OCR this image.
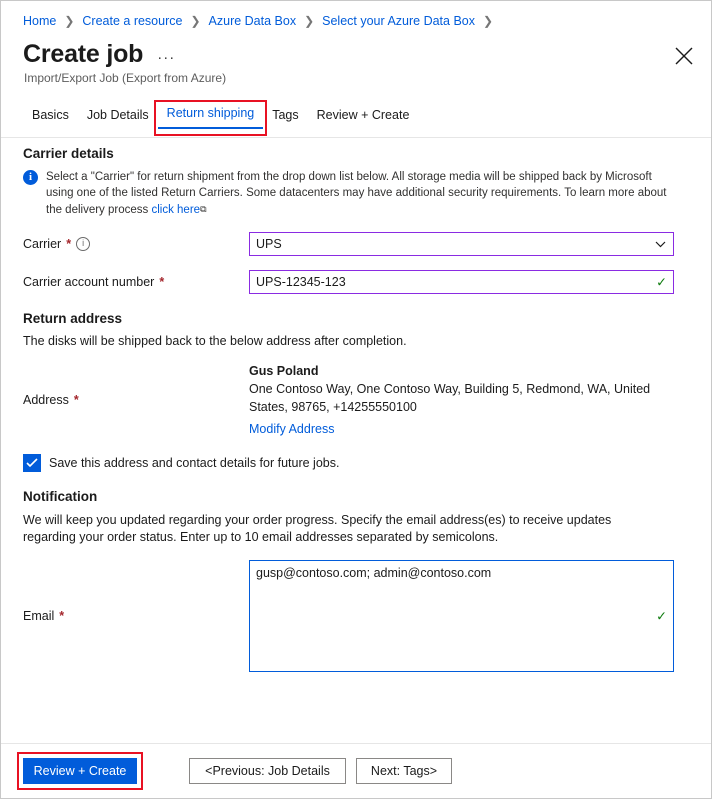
Home ❯ Create a resource ❯ Azure Data Box ❯ Select your Azure Data Box ❯
Create job ···
Import/Export Job (Export from Azure)
Basics	Job Details	Return shipping	Tags	Review + Create
Carrier details
i	Select a "Carrier" for return shipment from the drop down list below. All storage media will be shipped back by Microsoft using one of the listed Return Carriers. Some datacenters may have additional security requirements. To learn more about the delivery process click here⧉
Carrier *	i	UPS
Carrier account number *	UPS-12345-123	✓
Return address
The disks will be shipped back to the below address after completion.
Address *
Gus Poland
One Contoso Way, One Contoso Way, Building 5, Redmond, WA, United States, 98765, +14255550100
Modify Address
Save this address and contact details for future jobs.
Notification
We will keep you updated regarding your order progress. Specify the email address(es) to receive updates regarding your order status. Enter up to 10 email addresses separated by semicolons.
Email *
gusp@contoso.com; admin@contoso.com
✓
Review + Create	<Previous: Job Details	Next: Tags>
